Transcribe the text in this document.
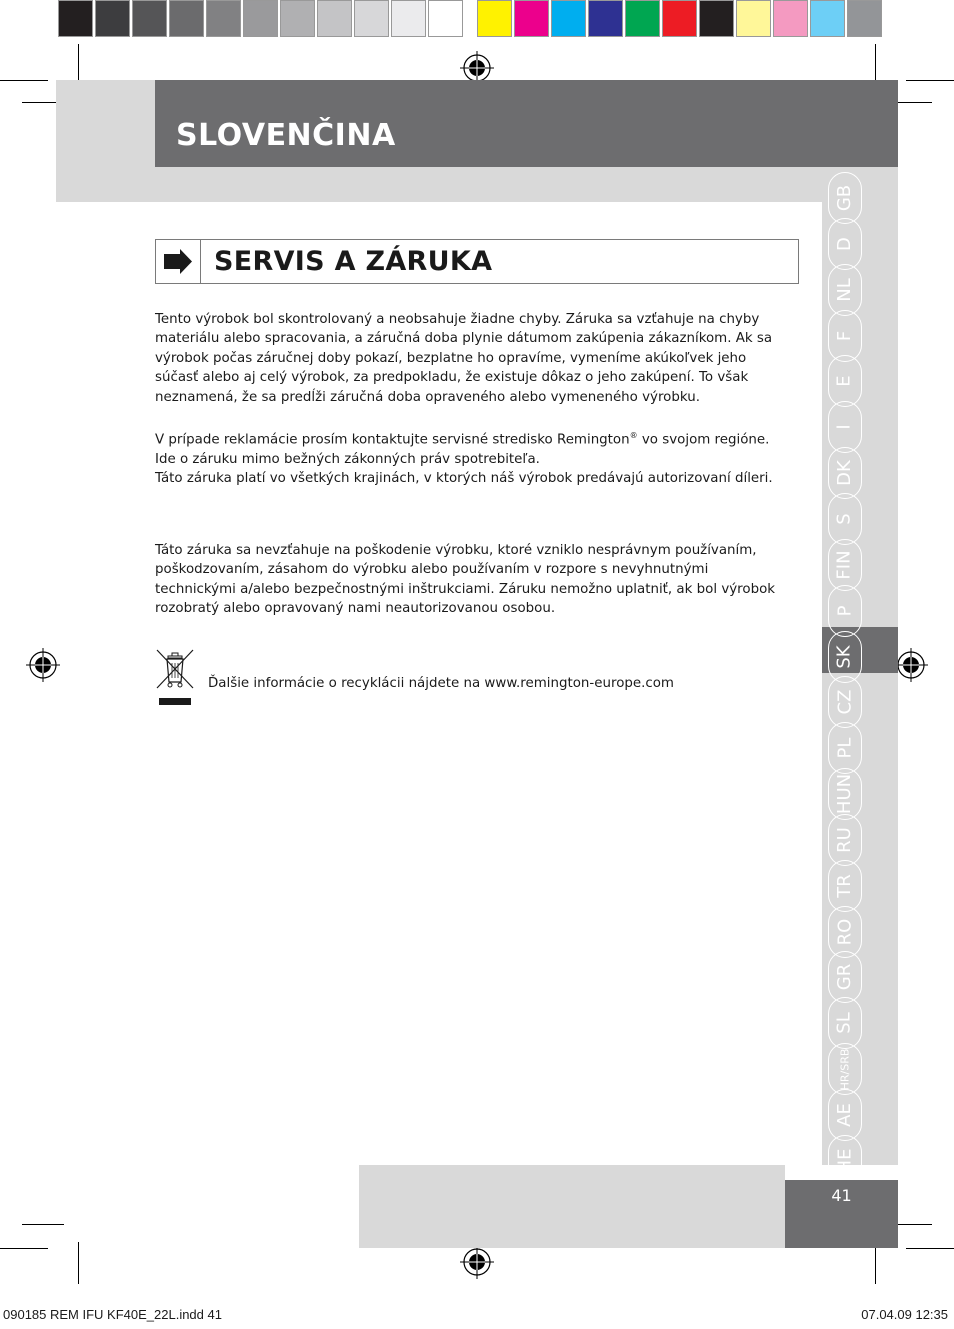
SLOVENČINA
GB
D
NL
F
E
I
DK
S
FIN
P
SK
CZ
PL
HUN
RU
TR
RO
GR
SL
HR/SRB
AE
HE
SERVIS A ZÁRUKA

Tento výrobok bol skontrolovaný a neobsahuje žiadne chyby. Záruka sa vzťahuje na chyby materiálu alebo spracovania, a záručná doba plynie dátumom zakúpenia zákazníkom. Ak sa výrobok počas záručnej doby pokazí, bezplatne ho opravíme, vymeníme akúkoľvek jeho súčasť alebo aj celý výrobok, za predpokladu, že existuje dôkaz o jeho zakúpení. To však neznamená, že sa predĺži záručná doba opraveného alebo vymeneného výrobku.

V prípade reklamácie prosím kontaktujte servisné stredisko Remington® vo svojom regióne.

Ide o záruku mimo bežných zákonných práv spotrebiteľa.

Táto záruka platí vo všetkých krajinách, v ktorých náš výrobok predávajú autorizovaní díleri.

Táto záruka sa nevzťahuje na poškodenie výrobku, ktoré vzniklo nesprávnym používaním, poškodzovaním, zásahom do výrobku alebo používaním v rozpore s nevyhnutnými technickými a/alebo bezpečnostnými inštrukciami. Záruku nemožno uplatniť, ak bol výrobok rozobratý alebo opravovaný nami neautorizovanou osobou.

Ďalšie informácie o recyklácii nájdete na www.remington-europe.com
41
090185 REM IFU KF40E_22L.indd 41	07.04.09 12:35
